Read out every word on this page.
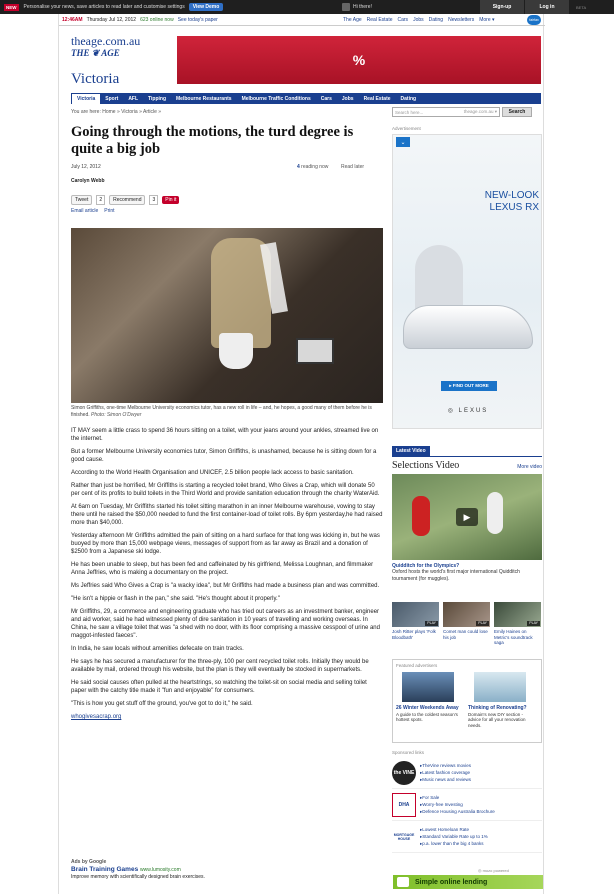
NEW	Personalise your news, save articles to read later and customise settings	View Demo	Hi there!	Sign-up	Log in	BETA
12:46AM Thursday Jul 12, 2012 623 online now See today's paper	The Age Real Estate Cars Jobs Dating Newsletters More ▾	fairfax
theage.com.au
THE ❦ AGE	%
Victoria
Victoria	Sport	AFL	Tipping	Melbourne Restaurants	Melbourne Traffic Conditions	Cars	Jobs	Real Estate	Dating
You are here: Home » Victoria » Article »	Search here...	theage.com.au ▾	Search
Going through the motions, the turd degree is quite a big job
July 12, 2012
Carolyn Webb
4 reading now	Read later
Tweet	2	Recommend	3	Pin it
Email article Print
Simon Griffiths, one-time Melbourne University economics tutor, has a new roll in life – and, he hopes, a good many of them before he is finished. Photo: Simon O'Dwyer

IT MAY seem a little crass to spend 36 hours sitting on a toilet, with your jeans around your ankles, streamed live on the internet.

But a former Melbourne University economics tutor, Simon Griffiths, is unashamed, because he is sitting down for a good cause.

According to the World Health Organisation and UNICEF, 2.5 billion people lack access to basic sanitation.

Rather than just be horrified, Mr Griffiths is starting a recycled toilet brand, Who Gives a Crap, which will donate 50 per cent of its profits to build toilets in the Third World and provide sanitation education through the charity WaterAid.

At 6am on Tuesday, Mr Griffiths started his toilet sitting marathon in an inner Melbourne warehouse, vowing to stay there until he raised the $50,000 needed to fund the first container-load of toilet rolls. By 6pm yesterday,he had raised more than $40,000.

Yesterday afternoon Mr Griffiths admitted the pain of sitting on a hard surface for that long was kicking in, but he was buoyed by more than 15,000 webpage views, messages of support from as far away as Brazil and a donation of $2500 from a Japanese ski lodge.

He has been unable to sleep, but has been fed and caffeinated by his girlfriend, Melissa Loughnan, and filmmaker Anna Jeffries, who is making a documentary on the project.

Ms Jeffries said Who Gives a Crap is "a wacky idea", but Mr Griffiths had made a business plan and was committed.

"He isn't a hippie or flash in the pan," she said. "He's thought about it properly."

Mr Griffiths, 29, a commerce and engineering graduate who has tried out careers as an investment banker, engineer and aid worker, said he had witnessed plenty of dire sanitation in 10 years of travelling and working overseas. In China, he saw a village toilet that was "a shed with no door, with its floor comprising a massive cesspool of urine and maggot-infested faeces".

In India, he saw locals without amenities defecate on train tracks.

He says he has secured a manufacturer for the three-ply, 100 per cent recycled toilet rolls. Initially they would be available by mail, ordered through his website, but the plan is they will eventually be stocked in supermarkets.

He said social causes often pulled at the heartstrings, so watching the toilet-sit on social media and selling toilet paper with the catchy title made it "fun and enjoyable" for consumers.

"This is how you get stuff off the ground, you've got to do it," he said.

whogivesacrap.org

Ads by Google
Brain Training Games www.lumosity.com
Improve memory with scientifically designed brain exercises.
Advertisement
⌄
NEW-LOOK
LEXUS RX
▸ FIND OUT MORE
◎ LEXUS
Latest Video
Selections Video	More video
▶
Quidditch for the Olympics?
Oxford hosts the world's first major international Quidditch tournament (for muggles).
PLAY
Josh Ritter plays 'Folk Bloodbath'
PLAY
Comet man could lose his job
PLAY
Emily Haines on Metric's soundtrack saga
Featured advertisers
26 Winter Weekends Away
A guide to the coldest season's hottest spots.
Thinking of Renovating?
Domain's new DIY section - advice for all your renovation needs.
Sponsored links
the VINE
▸ TheVine reviews movies
▸ Latest fashion coverage
▸ Music news and reviews
DHA
▸ For Sale
▸ Worry-free Investing
▸ Defence Housing Australia Brochure
MORTGAGE HOUSE
▸ Lowest Homeloan Rate
▸ Standard Variable Rate up to 1%
▸ p.a. lower than the big 4 banks
◎ mozo powered
Simple online lending
